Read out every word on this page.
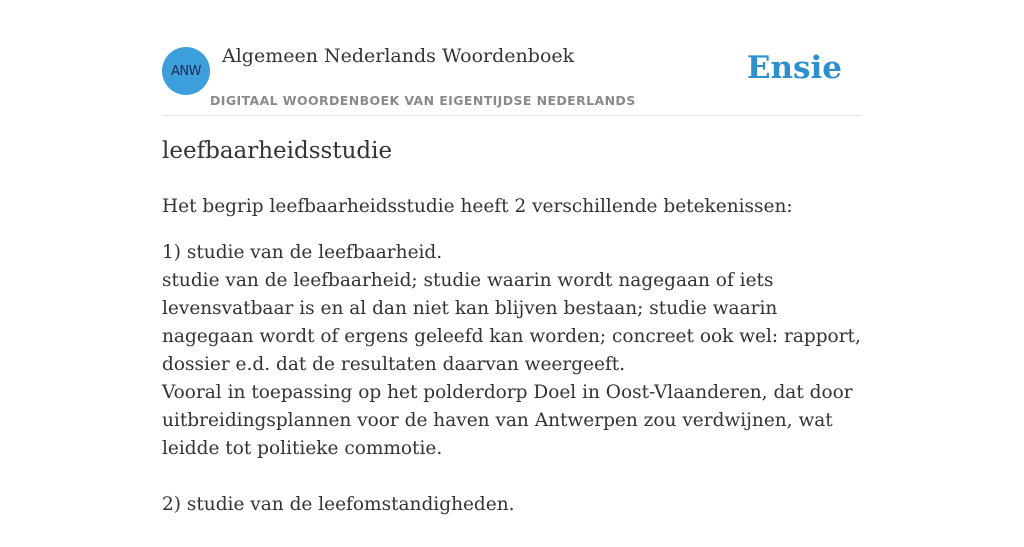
ANW
Algemeen Nederlands Woordenboek
DIGITAAL WOORDENBOEK VAN EIGENTIJDSE NEDERLANDS
Ensie
leefbaarheidsstudie

Het begrip leefbaarheidsstudie heeft 2 verschillende betekenissen:

1) studie van de leefbaarheid.

studie van de leefbaarheid; studie waarin wordt nagegaan of iets levensvatbaar is en al dan niet kan blijven bestaan; studie waarin nagegaan wordt of ergens geleefd kan worden; concreet ook wel: rapport, dossier e.d. dat de resultaten daarvan weergeeft.

Vooral in toepassing op het polderdorp Doel in Oost-Vlaanderen, dat door uitbreidingsplannen voor de haven van Antwerpen zou verdwijnen, wat leidde tot politieke commotie.

2) studie van de leefomstandigheden.
